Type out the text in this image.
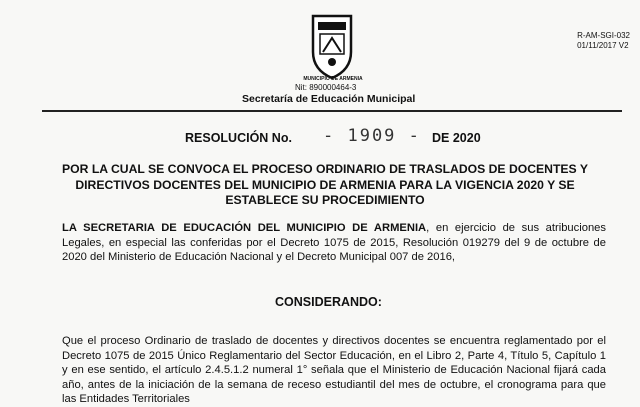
MUNICIPIO DE ARMENIA
Nit: 890000464-3
Secretaría de Educación Municipal
R-AM-SGI-032
01/11/2017 V2
RESOLUCIÓN No. - 1909 - DE 2020
POR LA CUAL SE CONVOCA EL PROCESO ORDINARIO DE TRASLADOS DE DOCENTES Y DIRECTIVOS DOCENTES DEL MUNICIPIO DE ARMENIA PARA LA VIGENCIA 2020 Y SE ESTABLECE SU PROCEDIMIENTO
LA SECRETARIA DE EDUCACIÓN DEL MUNICIPIO DE ARMENIA, en ejercicio de sus atribuciones Legales, en especial las conferidas por el Decreto 1075 de 2015, Resolución 019279 del 9 de octubre de 2020 del Ministerio de Educación Nacional y el Decreto Municipal 007 de 2016,
CONSIDERANDO:
Que el proceso Ordinario de traslado de docentes y directivos docentes se encuentra reglamentado por el Decreto 1075 de 2015 Único Reglamentario del Sector Educación, en el Libro 2, Parte 4, Título 5, Capítulo 1 y en ese sentido, el artículo 2.4.5.1.2 numeral 1° señala que el Ministerio de Educación Nacional fijará cada año, antes de la iniciación de la semana de receso estudiantil del mes de octubre, el cronograma para que las Entidades Territoriales
